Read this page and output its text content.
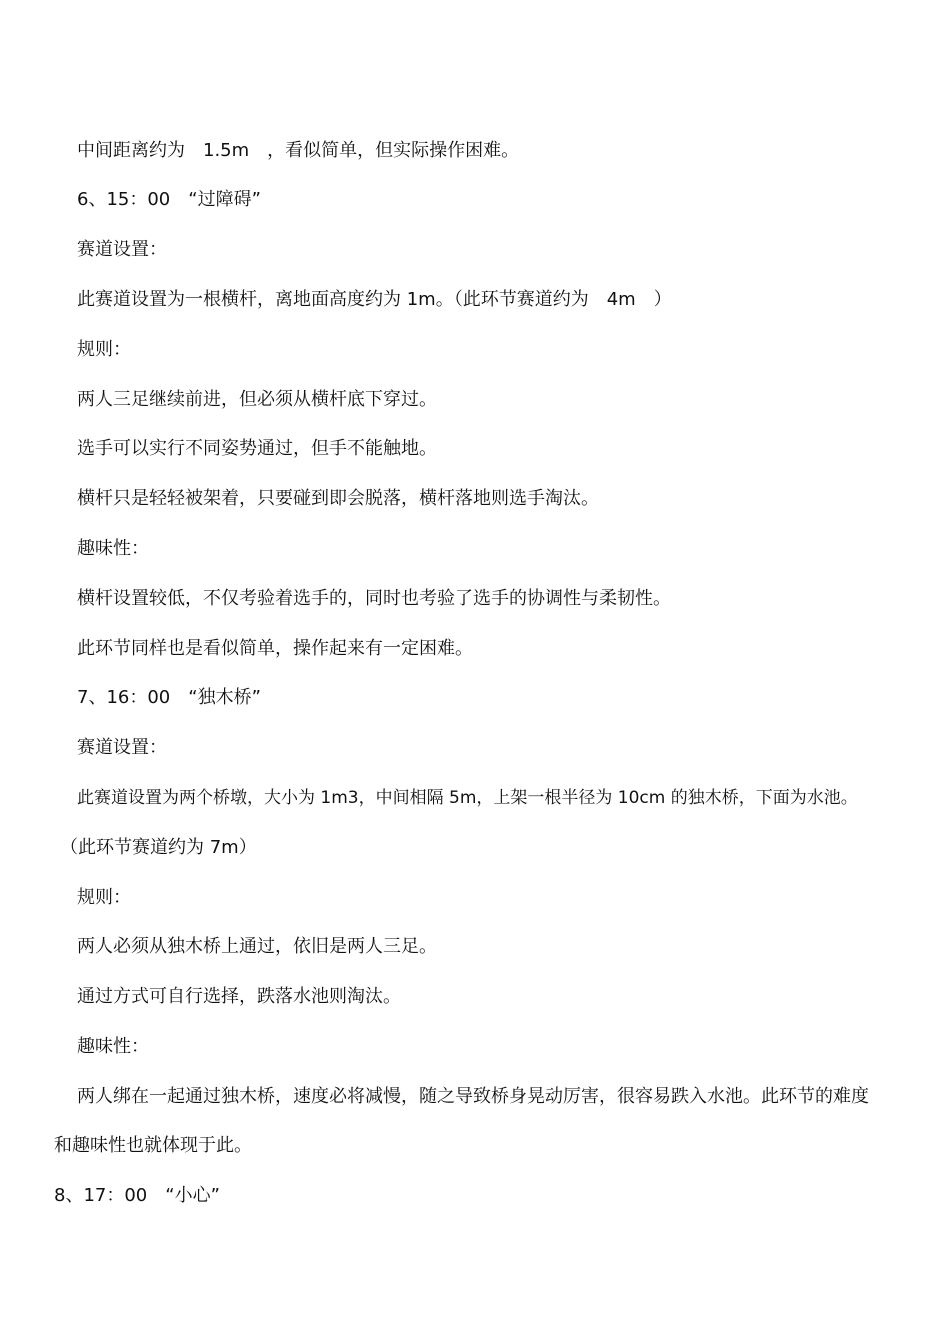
中间距离约为　1.5m　，看似简单，但实际操作困难。
6、15：00　“过障碍”
赛道设置：
此赛道设置为一根横杆，离地面高度约为 1m。（此环节赛道约为　4m　）
规则：
两人三足继续前进，但必须从横杆底下穿过。
选手可以实行不同姿势通过，但手不能触地。
横杆只是轻轻被架着，只要碰到即会脱落，横杆落地则选手淘汰。
趣味性：
横杆设置较低，不仅考验着选手的，同时也考验了选手的协调性与柔韧性。
此环节同样也是看似简单，操作起来有一定困难。
7、16：00　“独木桥”
赛道设置：
此赛道设置为两个桥墩，大小为 1m3，中间相隔 5m，上架一根半径为 10cm 的独木桥，下面为水池。
（此环节赛道约为 7m）
规则：
两人必须从独木桥上通过，依旧是两人三足。
通过方式可自行选择，跌落水池则淘汰。
趣味性：
两人绑在一起通过独木桥，速度必将减慢，随之导致桥身晃动厉害，很容易跌入水池。此环节的难度
和趣味性也就体现于此。
8、17：00　“小心”
